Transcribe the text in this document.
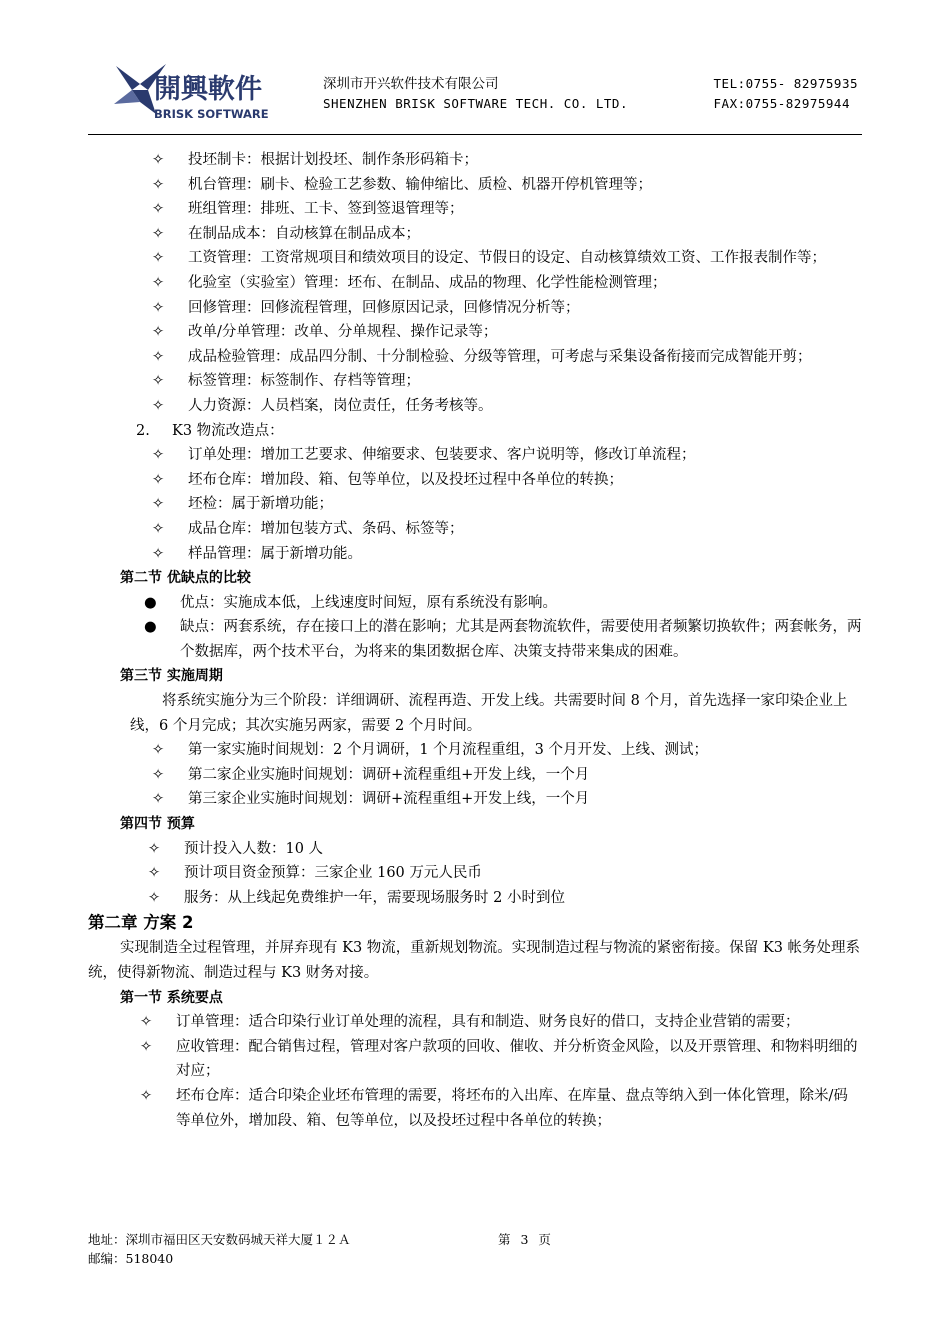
開興軟件
BRISK SOFTWARE
深圳市开兴软件技术有限公司
SHENZHEN BRISK SOFTWARE TECH. CO. LTD.
TEL:0755- 82975935
FAX:0755-82975944
✧ 投坯制卡：根据计划投坯、制作条形码箱卡；
✧ 机台管理：刷卡、检验工艺参数、输伸缩比、质检、机器开停机管理等；
✧ 班组管理：排班、工卡、签到签退管理等；
✧ 在制品成本：自动核算在制品成本；
✧ 工资管理：工资常规项目和绩效项目的设定、节假日的设定、自动核算绩效工资、工作报表制作等；
✧ 化验室（实验室）管理：坯布、在制品、成品的物理、化学性能检测管理；
✧ 回修管理：回修流程管理，回修原因记录，回修情况分析等；
✧ 改单/分单管理：改单、分单规程、操作记录等；
✧ 成品检验管理：成品四分制、十分制检验、分级等管理，可考虑与采集设备衔接而完成智能开剪；
✧ 标签管理：标签制作、存档等管理；
✧ 人力资源：人员档案，岗位责任，任务考核等。
2. K3 物流改造点：
✧ 订单处理：增加工艺要求、伸缩要求、包装要求、客户说明等，修改订单流程；
✧ 坯布仓库：增加段、箱、包等单位，以及投坯过程中各单位的转换；
✧ 坯检：属于新增功能；
✧ 成品仓库：增加包装方式、条码、标签等；
✧ 样品管理：属于新增功能。
第二节 优缺点的比较
● 优点：实施成本低，上线速度时间短，原有系统没有影响。
● 缺点：两套系统，存在接口上的潜在影响；尤其是两套物流软件，需要使用者频繁切换软件；两套帐务，两个数据库，两个技术平台，为将来的集团数据仓库、决策支持带来集成的困难。
第三节 实施周期
将系统实施分为三个阶段：详细调研、流程再造、开发上线。共需要时间 8 个月，首先选择一家印染企业上线，6 个月完成；其次实施另两家，需要 2 个月时间。
✧ 第一家实施时间规划：2 个月调研，1 个月流程重组，3 个月开发、上线、测试；
✧ 第二家企业实施时间规划：调研+流程重组+开发上线，一个月
✧ 第三家企业实施时间规划：调研+流程重组+开发上线，一个月
第四节 预算
✧ 预计投入人数：10 人
✧ 预计项目资金预算：三家企业 160 万元人民币
✧ 服务：从上线起免费维护一年，需要现场服务时 2 小时到位
第二章 方案 2
实现制造全过程管理，并屏弃现有 K3 物流，重新规划物流。实现制造过程与物流的紧密衔接。保留 K3 帐务处理系统，使得新物流、制造过程与 K3 财务对接。
第一节 系统要点
✧ 订单管理：适合印染行业订单处理的流程，具有和制造、财务良好的借口，支持企业营销的需要；
✧ 应收管理：配合销售过程，管理对客户款项的回收、催收、并分析资金风险，以及开票管理、和物料明细的对应；
✧ 坯布仓库：适合印染企业坯布管理的需要，将坯布的入出库、在库量、盘点等纳入到一体化管理，除米/码等单位外，增加段、箱、包等单位，以及投坯过程中各单位的转换；
地址：深圳市福田区天安数码城天祥大厦１２Ａ
邮编：518040
第 3 页
